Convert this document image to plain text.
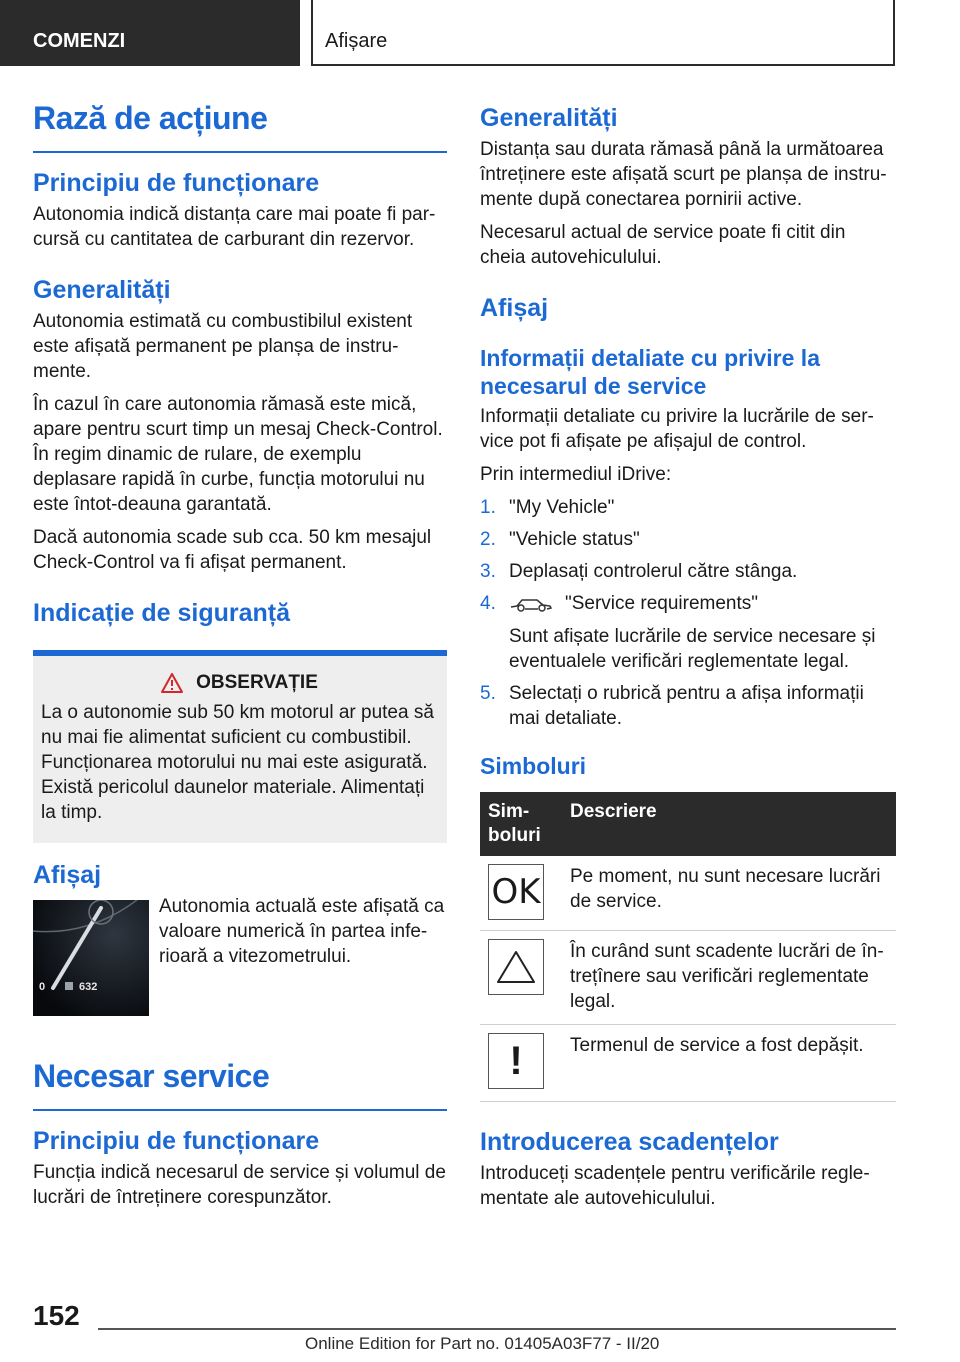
COMENZI	Afișare
Rază de acțiune
Principiu de funcționare

Autonomia indică distanța care mai poate fi par-cursă cu cantitatea de carburant din rezervor.

Generalități

Autonomia estimată cu combustibilul existent este afișată permanent pe planșa de instru-mente.

În cazul în care autonomia rămasă este mică, apare pentru scurt timp un mesaj Check-Control. În regim dinamic de rulare, de exemplu deplasare rapidă în curbe, funcția motorului nu este întot-deauna garantată.

Dacă autonomia scade sub cca. 50 km mesajul Check-Control va fi afișat permanent.

Indicație de siguranță
OBSERVAȚIE

La o autonomie sub 50 km motorul ar putea să nu mai fie alimentat suficient cu combustibil. Funcționarea motorului nu mai este asigurată. Există pericolul daunelor materiale. Alimentați la timp.

Afișaj
0	632
Autonomia actuală este afișată ca valoare numerică în partea infe-rioară a vitezometrului.
Necesar service
Principiu de funcționare

Funcția indică necesarul de service și volumul de lucrări de întreținere corespunzător.

Generalități

Distanța sau durata rămasă până la următoarea întreținere este afișată scurt pe planșa de instru-mente după conectarea pornirii active.

Necesarul actual de service poate fi citit din cheia autovehiculului.

Afișaj
Informații detaliate cu privire la necesarul de service

Informații detaliate cu privire la lucrările de ser-vice pot fi afișate pe afișajul de control.

Prin intermediul iDrive:

1. "My Vehicle"
2. "Vehicle status"
3. Deplasați controlerul către stânga.
4.	"Service requirements"
Sunt afișate lucrările de service necesare și eventualele verificări reglementate legal.
5. Selectați o rubrică pentru a afișa informații mai detaliate.
Simboluri
Sim-boluri	Descriere

OK	Pe moment, nu sunt necesare lucrări de service.

	În curând sunt scadente lucrări de în-trețînere sau verificări reglementate legal.

!	Termenul de service a fost depășit.
Introducerea scadențelor

Introduceți scadențele pentru verificările regle-mentate ale autovehiculului.

152
Online Edition for Part no. 01405A03F77 - II/20
